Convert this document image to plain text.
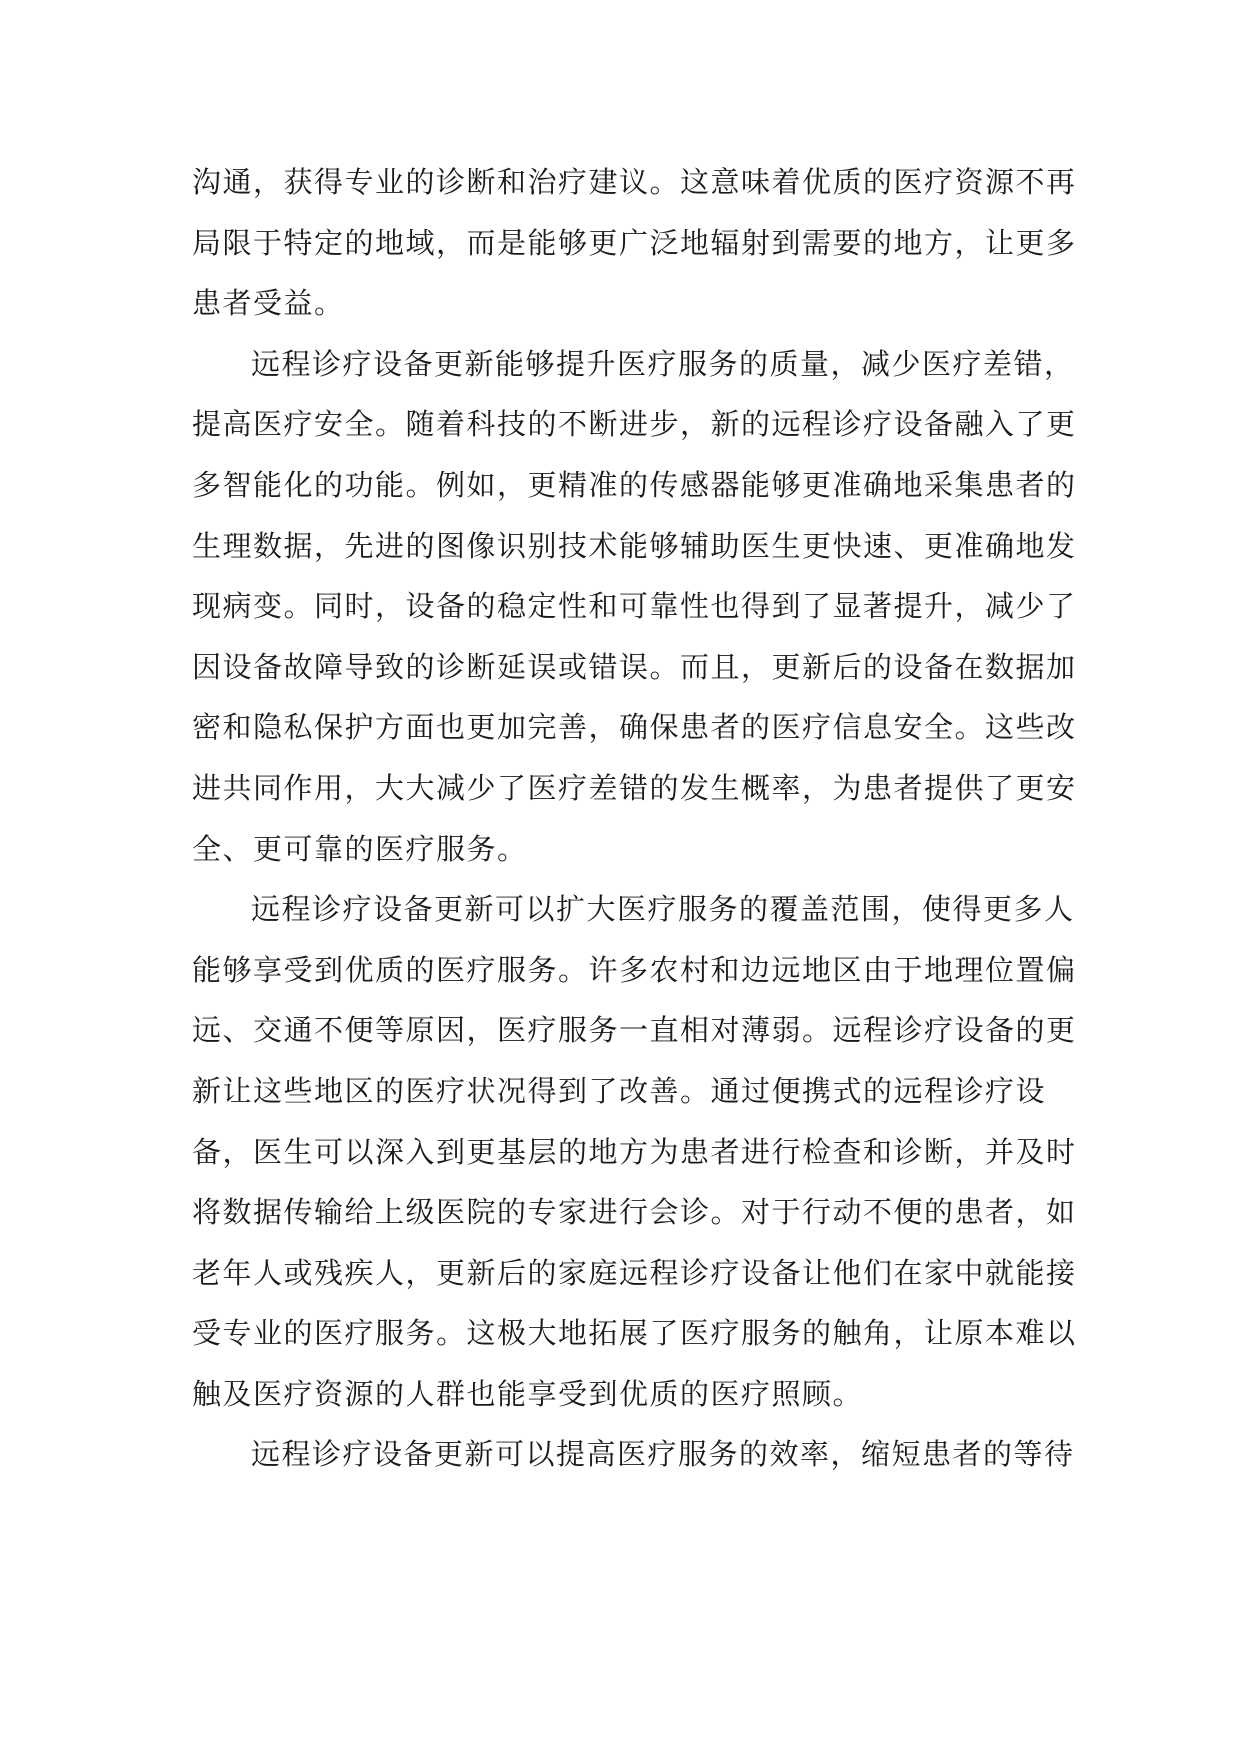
沟通，获得专业的诊断和治疗建议。这意味着优质的医疗资源不再
局限于特定的地域，而是能够更广泛地辐射到需要的地方，让更多
患者受益。
远程诊疗设备更新能够提升医疗服务的质量，减少医疗差错，
提高医疗安全。随着科技的不断进步，新的远程诊疗设备融入了更
多智能化的功能。例如，更精准的传感器能够更准确地采集患者的
生理数据，先进的图像识别技术能够辅助医生更快速、更准确地发
现病变。同时，设备的稳定性和可靠性也得到了显著提升，减少了
因设备故障导致的诊断延误或错误。而且，更新后的设备在数据加
密和隐私保护方面也更加完善，确保患者的医疗信息安全。这些改
进共同作用，大大减少了医疗差错的发生概率，为患者提供了更安
全、更可靠的医疗服务。
远程诊疗设备更新可以扩大医疗服务的覆盖范围，使得更多人
能够享受到优质的医疗服务。许多农村和边远地区由于地理位置偏
远、交通不便等原因，医疗服务一直相对薄弱。远程诊疗设备的更
新让这些地区的医疗状况得到了改善。通过便携式的远程诊疗设
备，医生可以深入到更基层的地方为患者进行检查和诊断，并及时
将数据传输给上级医院的专家进行会诊。对于行动不便的患者，如
老年人或残疾人，更新后的家庭远程诊疗设备让他们在家中就能接
受专业的医疗服务。这极大地拓展了医疗服务的触角，让原本难以
触及医疗资源的人群也能享受到优质的医疗照顾。
远程诊疗设备更新可以提高医疗服务的效率，缩短患者的等待
